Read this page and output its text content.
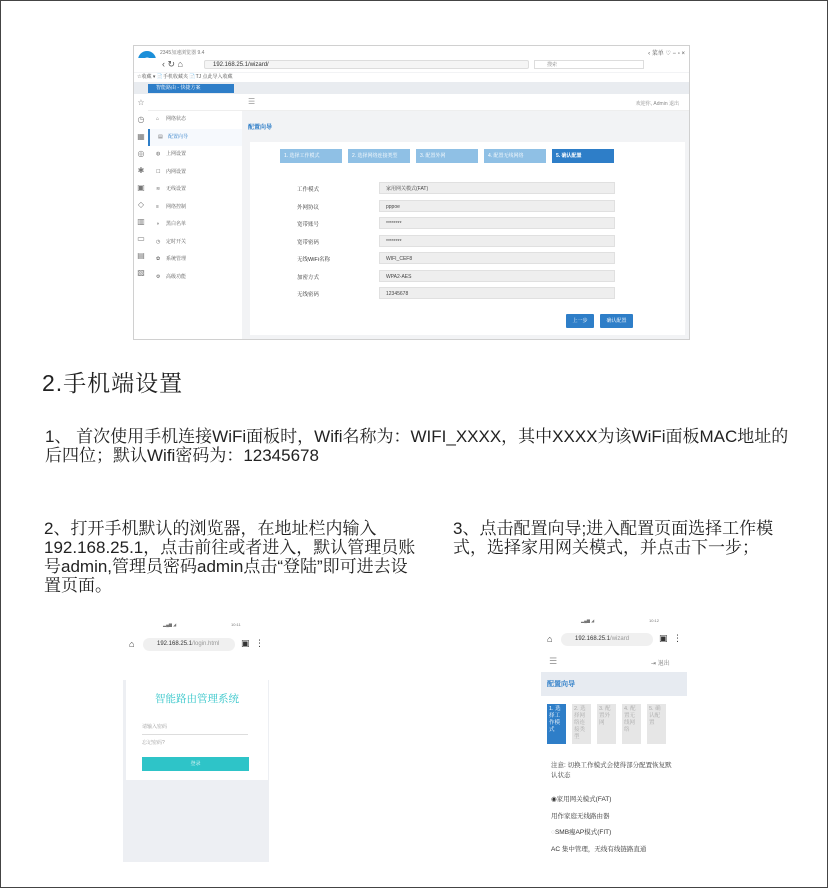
2345加速浏览器 9.4	‹ 菜单 ♡ − ▫ ×
‹ ↻ ⌂	192.168.25.1/wizard/	搜索
☆收藏 ▾ 📄手机收藏夹 📄TJ 点此导入收藏
智能路由 - 快捷方案
☆
◷
▦
◎
✱
▣
◇
▥
▭
▤
▧
⌂ 网络状态
▤ 配置向导
◍ 上网设置
☐ 内网设置
≋ 无线设置
≡ 网络控制
◑ 黑白名单
◷ 定时开关
✿ 系统管理
⚙ 高级功能
☰	欢迎你, Admin 退出
配置向导
1. 选择工作模式	2. 选择网络连接类型	3. 配置外网	4. 配置无线网络	5. 确认配置
工作模式	家用网关模式(FAT)
外网协议	pppoe
宽带账号	********
宽带密码	********
无线WiFi名称	WIFI_CEF8
加密方式	WPA2-AES
无线密码	12345678
上一步	确认配置
2.手机端设置
1、 首次使用手机连接WiFi面板时，Wifi名称为：WIFI_XXXX，其中XXXX为该WiFi面板MAC地址的后四位；默认Wifi密码为：12345678
2、打开手机默认的浏览器，在地址栏内输入192.168.25.1，点击前往或者进入，默认管理员账号admin,管理员密码admin点击“登陆”即可进去设置页面。
3、点击配置向导;进入配置页面选择工作模式，选择家用网关模式，并点击下一步；
▂▄▆ ◢	10:11
⌂	▣ ⋮
192.168.25.1/login.html
智能路由管理系统
请输入密码
忘记密码?
登录
▂▄▆ ◢	10:12
⌂	▣ ⋮
☰	⇥ 退出
192.168.25.1/wizard
配置向导
1. 选择工作模式
2. 选择网络连接类型
3. 配置外网
4. 配置无线网络
5. 确认配置
注意: 切换工作模式会使得部分配置恢复默认状态
◉家用网关模式(FAT)
用作家庭无线路由器
○SMB瘦AP模式(FIT)
AC 集中管理，无线有线链路直通
